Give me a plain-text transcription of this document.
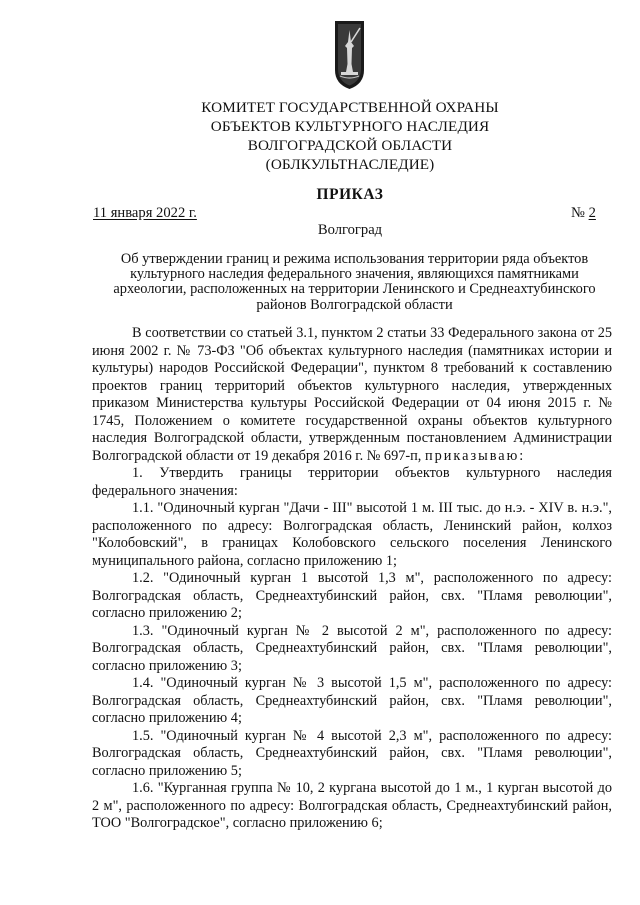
КОМИТЕТ ГОСУДАРСТВЕННОЙ ОХРАНЫ
ОБЪЕКТОВ КУЛЬТУРНОГО НАСЛЕДИЯ
ВОЛГОГРАДСКОЙ ОБЛАСТИ
(ОБЛКУЛЬТНАСЛЕДИЕ)
ПРИКАЗ
11 января 2022 г.	№ 2
Волгоград
Об утверждении границ и режима использования территории ряда объектов
культурного наследия федерального значения, являющихся памятниками
археологии, расположенных на территории Ленинского и Среднеахтубинского
районов Волгоградской области

В соответствии со статьей 3.1, пунктом 2 статьи 33 Федерального закона от 25 июня 2002 г. № 73-ФЗ "Об объектах культурного наследия (памятниках истории и культуры) народов Российской Федерации", пунктом 8 требований к составлению проектов границ территорий объектов культурного наследия, утвержденных приказом Министерства культуры Российской Федерации от 04 июня 2015 г. № 1745, Положением о комитете государственной охраны объектов культурного наследия Волгоградской области, утвержденным постановлением Администрации Волгоградской области от 19 декабря 2016 г. № 697-п, приказываю:

1. Утвердить границы территории объектов культурного наследия федерального значения:

1.1. "Одиночный курган "Дачи - III" высотой 1 м. III тыс. до н.э. - XIV в. н.э.", расположенного по адресу: Волгоградская область, Ленинский район, колхоз "Колобовский", в границах Колобовского сельского поселения Ленинского муниципального района, согласно приложению 1;

1.2. "Одиночный курган 1 высотой 1,3 м", расположенного по адресу: Волгоградская область, Среднеахтубинский район, свх. "Пламя революции", согласно приложению 2;

1.3. "Одиночный курган № 2 высотой 2 м", расположенного по адресу: Волгоградская область, Среднеахтубинский район, свх. "Пламя революции", согласно приложению 3;

1.4. "Одиночный курган № 3 высотой 1,5 м", расположенного по адресу: Волгоградская область, Среднеахтубинский район, свх. "Пламя революции", согласно приложению 4;

1.5. "Одиночный курган № 4 высотой 2,3 м", расположенного по адресу: Волгоградская область, Среднеахтубинский район, свх. "Пламя революции", согласно приложению 5;

1.6. "Курганная группа № 10, 2 кургана высотой до 1 м., 1 курган высотой до 2 м", расположенного по адресу: Волгоградская область, Среднеахтубинский район, ТОО "Волгоградское", согласно приложению 6;
